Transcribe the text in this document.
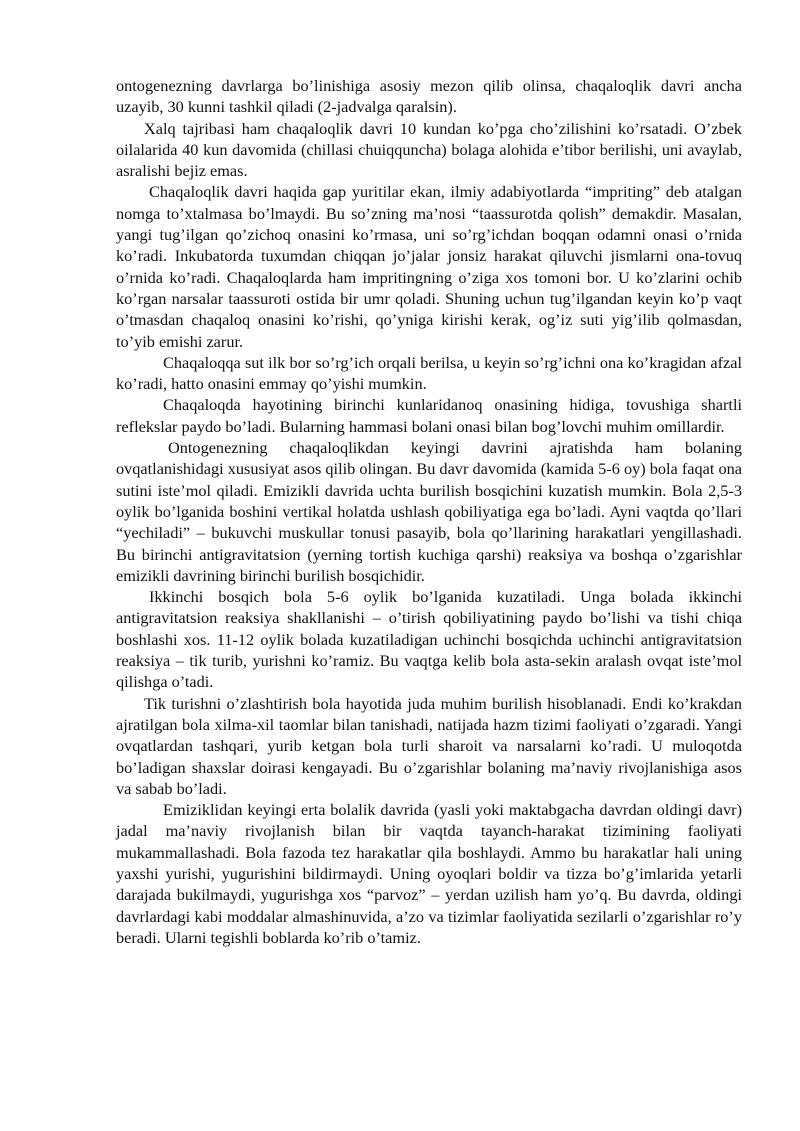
ontogenezning davrlarga bo’linishiga asosiy mezon qilib olinsa, chaqaloqlik davri ancha uzayib, 30 kunni tashkil qiladi (2-jadvalga qaralsin).

Xalq tajribasi ham chaqaloqlik davri 10 kundan ko’pga cho’zilishini ko’rsatadi. O’zbek oilalarida 40 kun davomida (chillasi chuiqquncha) bolaga alohida e’tibor berilishi, uni avaylab, asralishi bejiz emas.

Chaqaloqlik davri haqida gap yuritilar ekan, ilmiy adabiyotlarda “impriting” deb atalgan nomga to’xtalmasa bo’lmaydi. Bu so’zning ma’nosi “taassurotda qolish” demakdir. Masalan, yangi tug’ilgan qo’zichoq onasini ko’rmasa, uni so’rg’ichdan boqqan odamni onasi o’rnida ko’radi. Inkubatorda tuxumdan chiqqan jo’jalar jonsiz harakat qiluvchi jismlarni ona-tovuq o’rnida ko’radi. Chaqaloqlarda ham impritingning o’ziga xos tomoni bor. U ko’zlarini ochib ko’rgan narsalar taassuroti ostida bir umr qoladi. Shuning uchun tug’ilgandan keyin ko’p vaqt o’tmasdan chaqaloq onasini ko’rishi, qo’yniga kirishi kerak, og’iz suti yig’ilib qolmasdan, to’yib emishi zarur.

Chaqaloqqa sut ilk bor so’rg’ich orqali berilsa, u keyin so’rg’ichni ona ko’kragidan afzal ko’radi, hatto onasini emmay qo’yishi mumkin.

Chaqaloqda hayotining birinchi kunlaridanoq onasining hidiga, tovushiga shartli reflekslar paydo bo’ladi. Bularning hammasi bolani onasi bilan bog’lovchi muhim omillardir.

Ontogenezning chaqaloqlikdan keyingi davrini ajratishda ham bolaning ovqatlanishidagi xususiyat asos qilib olingan. Bu davr davomida (kamida 5-6 oy) bola faqat ona sutini iste’mol qiladi. Emizikli davrida uchta burilish bosqichini kuzatish mumkin. Bola 2,5-3 oylik bo’lganida boshini vertikal holatda ushlash qobiliyatiga ega bo’ladi. Ayni vaqtda qo’llari “yechiladi” – bukuvchi muskullar tonusi pasayib, bola qo’llarining harakatlari yengillashadi. Bu birinchi antigravitatsion (yerning tortish kuchiga qarshi) reaksiya va boshqa o’zgarishlar emizikli davrining birinchi burilish bosqichidir.

Ikkinchi bosqich bola 5-6 oylik bo’lganida kuzatiladi. Unga bolada ikkinchi antigravitatsion reaksiya shakllanishi – o’tirish qobiliyatining paydo bo’lishi va tishi chiqa boshlashi xos. 11-12 oylik bolada kuzatiladigan uchinchi bosqichda uchinchi antigravitatsion reaksiya – tik turib, yurishni ko’ramiz. Bu vaqtga kelib bola asta-sekin aralash ovqat iste’mol qilishga o’tadi.

Tik turishni o’zlashtirish bola hayotida juda muhim burilish hisoblanadi. Endi ko’krakdan ajratilgan bola xilma-xil taomlar bilan tanishadi, natijada hazm tizimi faoliyati o’zgaradi. Yangi ovqatlardan tashqari, yurib ketgan bola turli sharoit va narsalarni ko’radi. U muloqotda bo’ladigan shaxslar doirasi kengayadi. Bu o’zgarishlar bolaning ma’naviy rivojlanishiga asos va sabab bo’ladi.

Emiziklidan keyingi erta bolalik davrida (yasli yoki maktabgacha davrdan oldingi davr) jadal ma’naviy rivojlanish bilan bir vaqtda tayanch-harakat tizimining faoliyati mukammallashadi. Bola fazoda tez harakatlar qila boshlaydi. Ammo bu harakatlar hali uning yaxshi yurishi, yugurishini bildirmaydi. Uning oyoqlari boldir va tizza bo’g’imlarida yetarli darajada bukilmaydi, yugurishga xos “parvoz” – yerdan uzilish ham yo’q. Bu davrda, oldingi davrlardagi kabi moddalar almashinuvida, a’zo va tizimlar faoliyatida sezilarli o’zgarishlar ro’y beradi. Ularni tegishli boblarda ko’rib o’tamiz.
